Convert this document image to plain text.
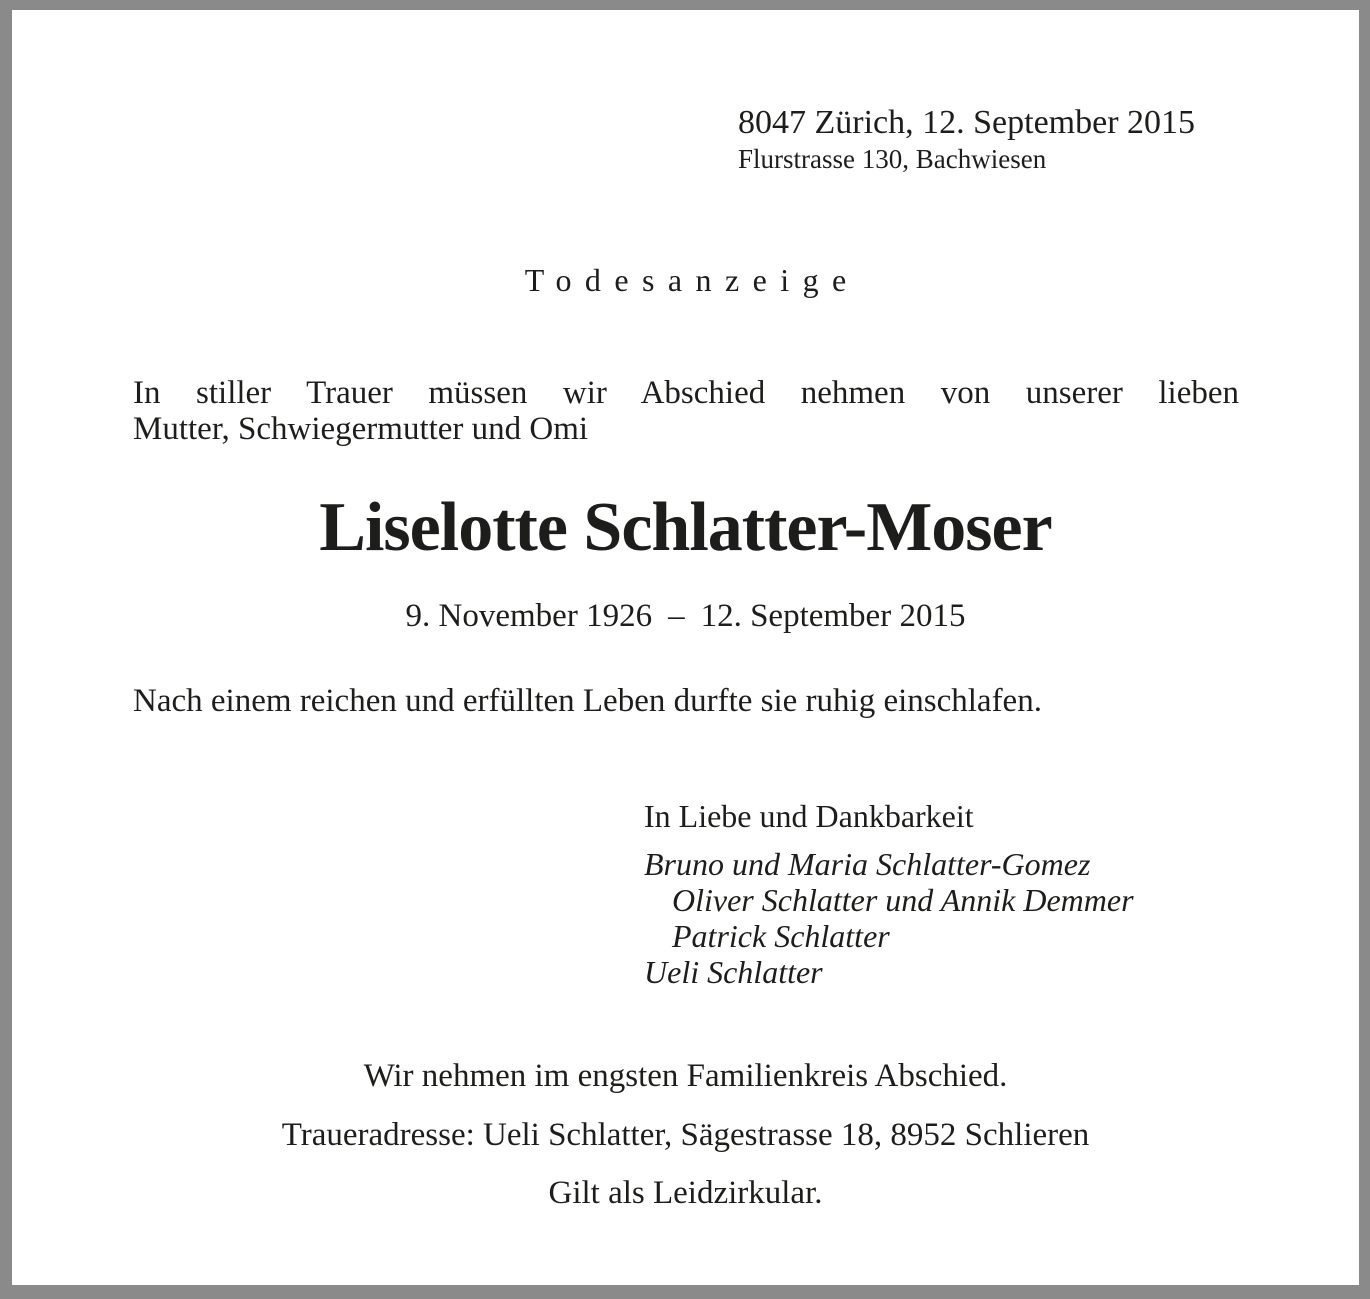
8047 Zürich, 12. September 2015
Flurstrasse 130, Bachwiesen
Todesanzeige
In stiller Trauer müssen wir Abschied nehmen von unserer lieben
Mutter, Schwiegermutter und Omi
Liselotte Schlatter-Moser
9. November 1926 – 12. September 2015
Nach einem reichen und erfüllten Leben durfte sie ruhig einschlafen.
In Liebe und Dankbarkeit
Bruno und Maria Schlatter-Gomez
Oliver Schlatter und Annik Demmer
Patrick Schlatter
Ueli Schlatter
Wir nehmen im engsten Familienkreis Abschied.
Traueradresse: Ueli Schlatter, Sägestrasse 18, 8952 Schlieren
Gilt als Leidzirkular.
